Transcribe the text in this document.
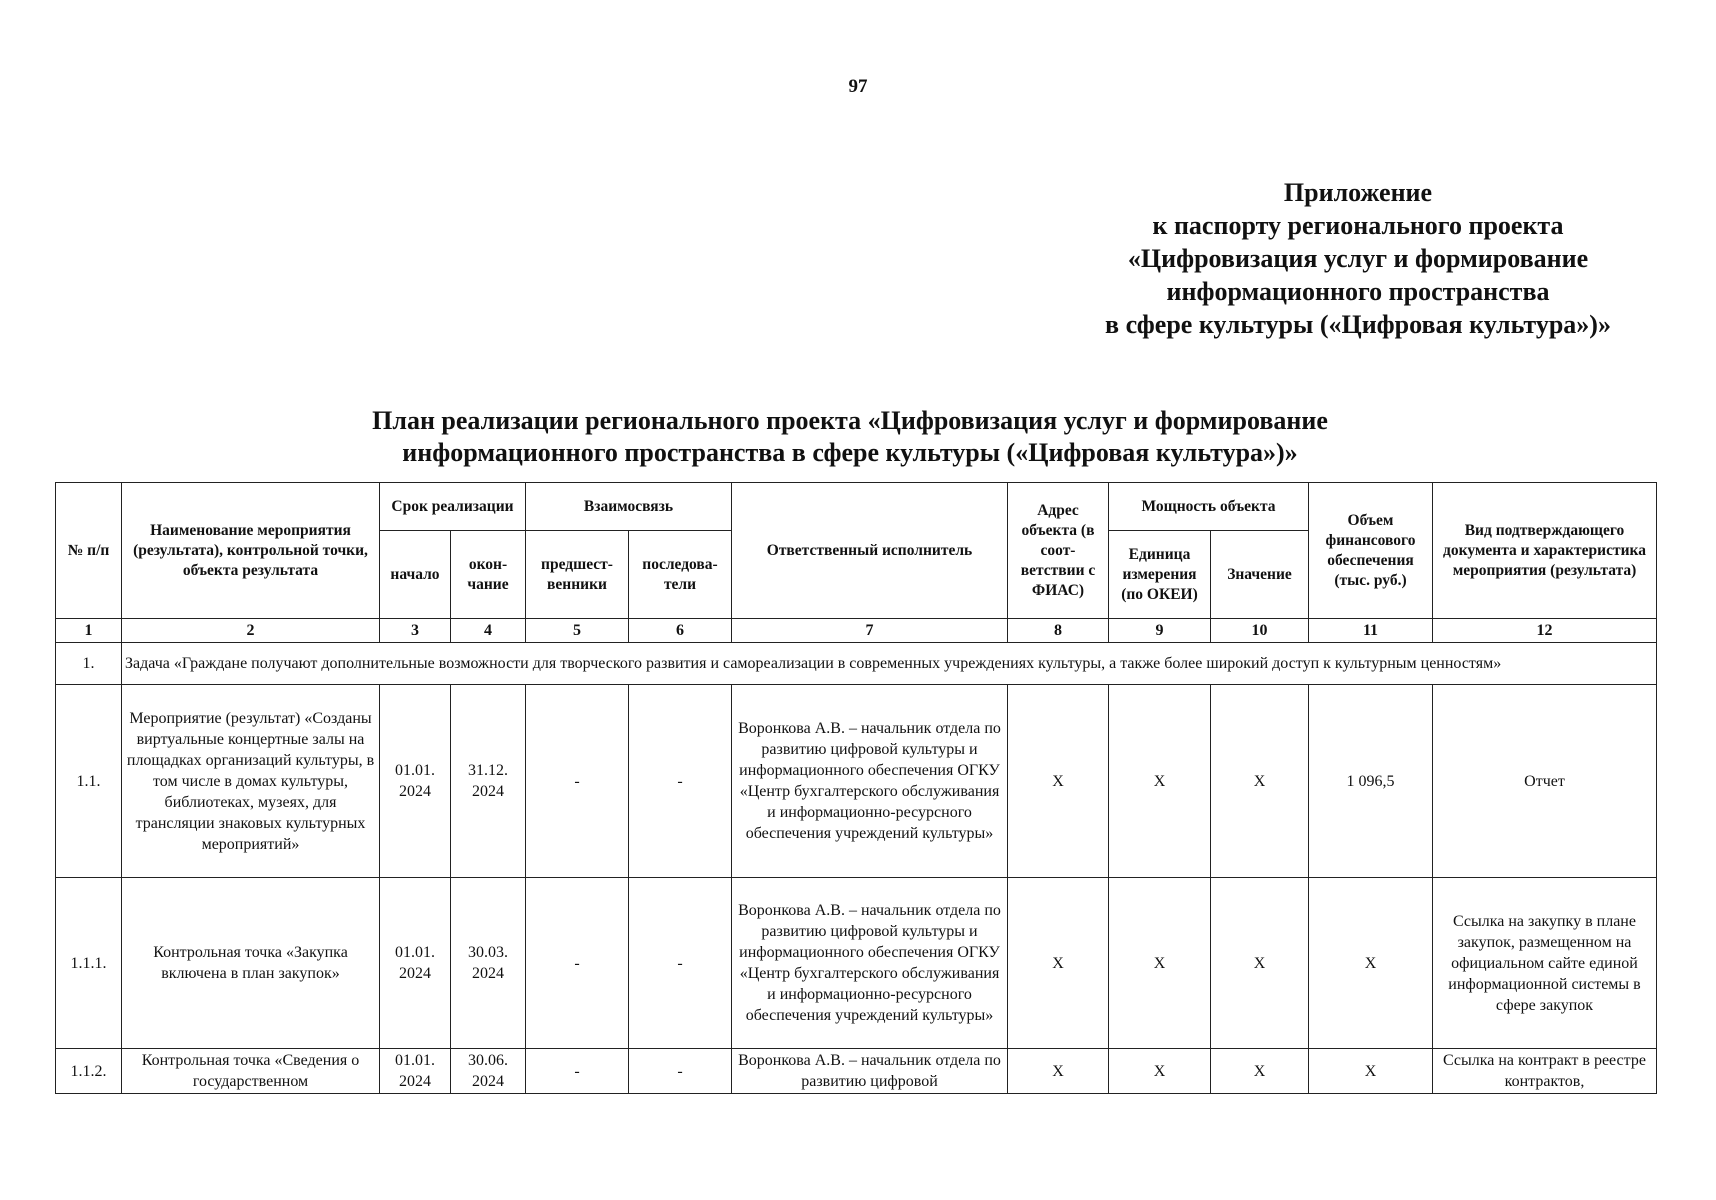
97
Приложение
к паспорту регионального проекта
«Цифровизация услуг и формирование
информационного пространства
в сфере культуры («Цифровая культура»)»
План реализации регионального проекта «Цифровизация услуг и формирование
информационного пространства в сфере культуры («Цифровая культура»)»
№ п/п	Наименование мероприятия (результата), контрольной точки, объекта результата	Срок реализации		Взаимосвязь		Ответственный исполнитель	Адрес объекта (в соот-ветствии с ФИАС)	Мощность объекта		Объем финансового обеспечения (тыс. руб.)	Вид подтверждающего документа и характеристика мероприятия (результата)
		начало	окон-чание	предшест-венники	последова-тели			Единица измерения (по ОКЕИ)	Значение		
1	2	3	4	5	6	7	8	9	10	11	12
1.	Задача «Граждане получают дополнительные возможности для творческого развития и самореализации в современных учреждениях культуры, а также более широкий доступ к культурным ценностям»										
1.1.	Мероприятие (результат) «Созданы виртуальные концертные залы на площадках организаций культуры, в том числе в домах культуры, библиотеках, музеях, для трансляции знаковых культурных мероприятий»	01.01. 2024	31.12. 2024	-	-	Воронкова А.В. – начальник отдела по развитию цифровой культуры и информационного обеспечения ОГКУ «Центр бухгалтерского обслуживания и информационно-ресурсного обеспечения учреждений культуры»	X	X	X	1 096,5	Отчет
1.1.1.	Контрольная точка «Закупка включена в план закупок»	01.01. 2024	30.03. 2024	-	-	Воронкова А.В. – начальник отдела по развитию цифровой культуры и информационного обеспечения ОГКУ «Центр бухгалтерского обслуживания и информационно-ресурсного обеспечения учреждений культуры»	X	X	X	X	Ссылка на закупку в плане закупок, размещенном на официальном сайте единой информационной системы в сфере закупок
1.1.2.	Контрольная точка «Сведения о государственном	01.01. 2024	30.06. 2024	-	-	Воронкова А.В. – начальник отдела по развитию цифровой	X	X	X	X	Ссылка на контракт в реестре контрактов,
